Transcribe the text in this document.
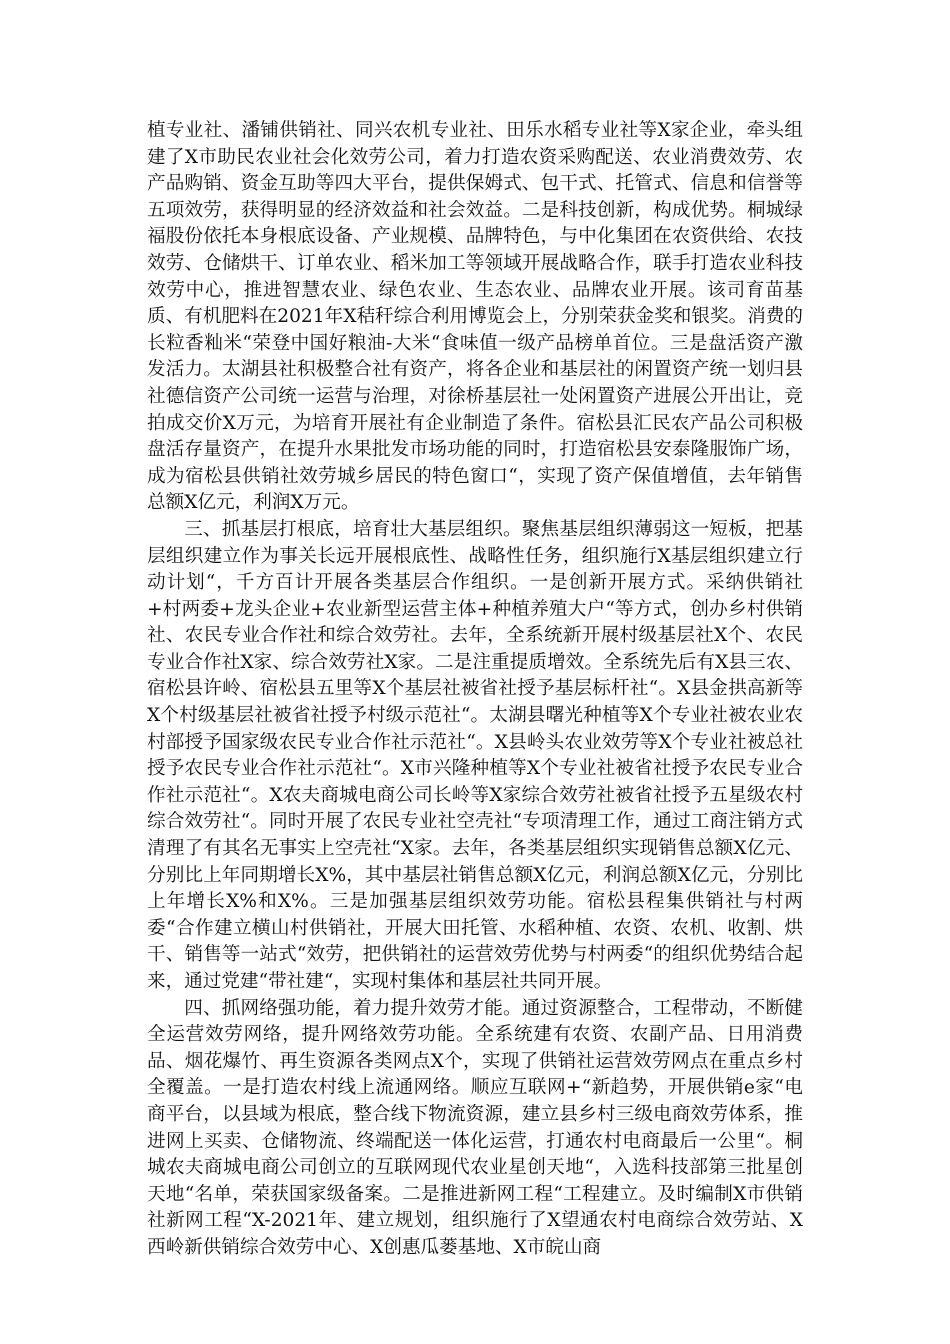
植专业社、潘铺供销社、同兴农机专业社、田乐水稻专业社等X家企业，牵头组建了X市助民农业社会化效劳公司，着力打造农资采购配送、农业消费效劳、农产品购销、资金互助等四大平台，提供保姆式、包干式、托管式、信息和信誉等五项效劳，获得明显的经济效益和社会效益。二是科技创新，构成优势。桐城绿福股份依托本身根底设备、产业规模、品牌特色，与中化集团在农资供给、农技效劳、仓储烘干、订单农业、稻米加工等领域开展战略合作，联手打造农业科技效劳中心，推进智慧农业、绿色农业、生态农业、品牌农业开展。该司育苗基质、有机肥料在2021年X秸秆综合利用博览会上，分别荣获金奖和银奖。消费的长粒香籼米“荣登中国好粮油-大米“食味值一级产品榜单首位。三是盘活资产激发活力。太湖县社积极整合社有资产，将各企业和基层社的闲置资产统一划归县社德信资产公司统一运营与治理，对徐桥基层社一处闲置资产进展公开出让，竞拍成交价X万元，为培育开展社有企业制造了条件。宿松县汇民农产品公司积极盘活存量资产，在提升水果批发市场功能的同时，打造宿松县安泰隆服饰广场，成为宿松县供销社效劳城乡居民的特色窗口“，实现了资产保值增值，去年销售总额X亿元，利润X万元。

三、抓基层打根底，培育壮大基层组织。聚焦基层组织薄弱这一短板，把基层组织建立作为事关长远开展根底性、战略性任务，组织施行X基层组织建立行动计划“，千方百计开展各类基层合作组织。一是创新开展方式。采纳供销社+村两委+龙头企业+农业新型运营主体+种植养殖大户“等方式，创办乡村供销社、农民专业合作社和综合效劳社。去年，全系统新开展村级基层社X个、农民专业合作社X家、综合效劳社X家。二是注重提质增效。全系统先后有X县三农、宿松县许岭、宿松县五里等X个基层社被省社授予基层标杆社“。X县金拱高新等X个村级基层社被省社授予村级示范社“。太湖县曙光种植等X个专业社被农业农村部授予国家级农民专业合作社示范社“。X县岭头农业效劳等X个专业社被总社授予农民专业合作社示范社“。X市兴隆种植等X个专业社被省社授予农民专业合作社示范社“。X农夫商城电商公司长岭等X家综合效劳社被省社授予五星级农村综合效劳社“。同时开展了农民专业社空壳社“专项清理工作，通过工商注销方式清理了有其名无事实上空壳社“X家。去年，各类基层组织实现销售总额X亿元、分别比上年同期增长X%，其中基层社销售总额X亿元，利润总额X亿元，分别比上年增长X%和X%。三是加强基层组织效劳功能。宿松县程集供销社与村两委“合作建立横山村供销社，开展大田托管、水稻种植、农资、农机、收割、烘干、销售等一站式“效劳，把供销社的运营效劳优势与村两委“的组织优势结合起来，通过党建“带社建“，实现村集体和基层社共同开展。

四、抓网络强功能，着力提升效劳才能。通过资源整合，工程带动，不断健全运营效劳网络，提升网络效劳功能。全系统建有农资、农副产品、日用消费品、烟花爆竹、再生资源各类网点X个，实现了供销社运营效劳网点在重点乡村全覆盖。一是打造农村线上流通网络。顺应互联网+“新趋势，开展供销e家“电商平台，以县域为根底，整合线下物流资源，建立县乡村三级电商效劳体系，推进网上买卖、仓储物流、终端配送一体化运营，打通农村电商最后一公里“。桐城农夫商城电商公司创立的互联网现代农业星创天地“，入选科技部第三批星创天地“名单，荣获国家级备案。二是推进新网工程“工程建立。及时编制X市供销社新网工程“X-2021年、建立规划，组织施行了X望通农村电商综合效劳站、X西岭新供销综合效劳中心、X创惠瓜蒌基地、X市皖山商
